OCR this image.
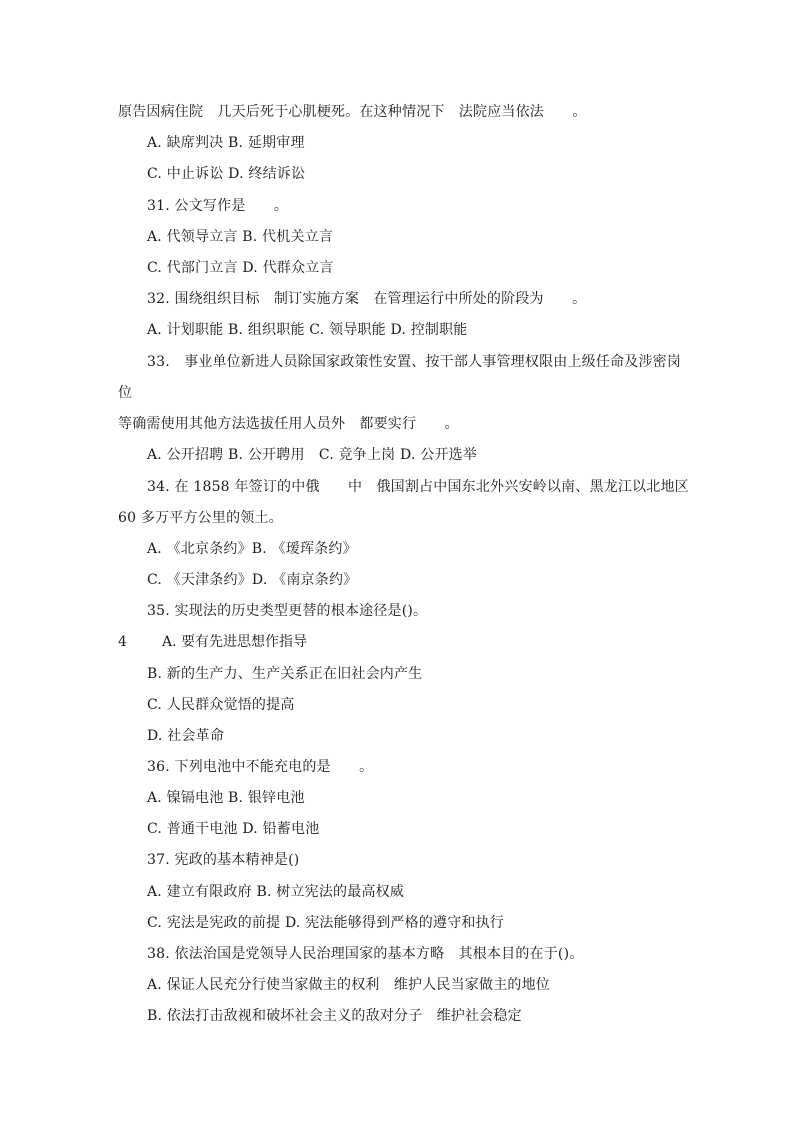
原告因病住院　几天后死于心肌梗死。在这种情况下　法院应当依法　　。
A. 缺席判决 B. 延期审理
C. 中止诉讼 D. 终结诉讼
31. 公文写作是　　。
A. 代领导立言 B. 代机关立言
C. 代部门立言 D. 代群众立言
32. 围绕组织目标　制订实施方案　在管理运行中所处的阶段为　　。
A. 计划职能 B. 组织职能 C. 领导职能 D. 控制职能
33.　事业单位新进人员除国家政策性安置、按干部人事管理权限由上级任命及涉密岗
位
等确需使用其他方法选拔任用人员外　都要实行　　。
A. 公开招聘 B. 公开聘用　C. 竞争上岗 D. 公开选举
34. 在 1858 年签订的中俄　　中　俄国割占中国东北外兴安岭以南、黑龙江以北地区
60 多万平方公里的领土。
A. 《北京条约》B. 《瑷珲条约》
C. 《天津条约》D. 《南京条约》
35. 实现法的历史类型更替的根本途径是()。
4	A. 要有先进思想作指导
B. 新的生产力、生产关系正在旧社会内产生
C. 人民群众觉悟的提高
D. 社会革命
36. 下列电池中不能充电的是　　。
A. 镍镉电池 B. 银锌电池
C. 普通干电池 D. 铅蓄电池
37. 宪政的基本精神是()
A. 建立有限政府 B. 树立宪法的最高权威
C. 宪法是宪政的前提 D. 宪法能够得到严格的遵守和执行
38. 依法治国是党领导人民治理国家的基本方略　其根本目的在于()。
A. 保证人民充分行使当家做主的权利　维护人民当家做主的地位
B. 依法打击敌视和破坏社会主义的敌对分子　维护社会稳定
